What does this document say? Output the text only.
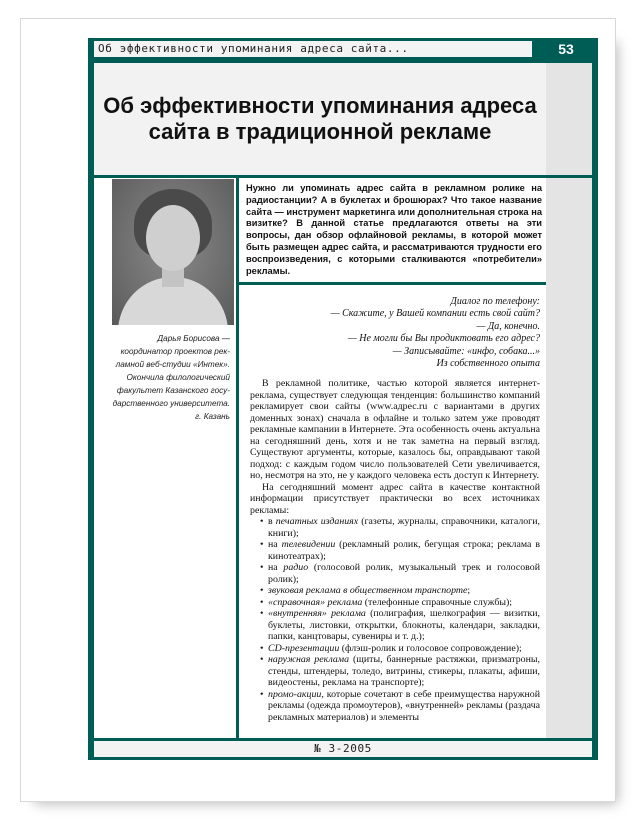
Об эффективности упоминания адреса сайта...	53
Об эффективности упоминания адреса сайта в традиционной рекламе
Дарья Борисова —
координатор проектов рек-
ламной веб-студии «Интек».
Окончила филологический
факультет Казанского госу-
дарственного университета.
г. Казань
Нужно ли упоминать адрес сайта в рекламном ролике на радиостанции? А в буклетах и брошюрах? Что такое название сайта — инструмент маркетинга или дополнительная строка на визитке? В данной статье предлагаются ответы на эти вопросы, дан обзор офлайновой рекламы, в которой может быть размещен адрес сайта, и рассматриваются трудности его воспроизведения, с которыми сталкиваются «потребители» рекламы.
Диалог по телефону:
— Скажите, у Вашей компании есть свой сайт?
— Да, конечно.
— Не могли бы Вы продиктовать его адрес?
— Записывайте: «инфо, собака...»
Из собственного опыта

В рекламной политике, частью которой является интернет-реклама, существует следующая тенденция: большинство компаний рекламирует свои сайты (www.адрес.ru с вариантами в других доменных зонах) сначала в офлайне и только затем уже проводят рекламные кампании в Интернете. Эта особенность очень актуальна на сегодняшний день, хотя и не так заметна на первый взгляд. Существуют аргументы, которые, казалось бы, оправдывают такой подход: с каждым годом число пользователей Сети увеличивается, но, несмотря на это, не у каждого человека есть доступ к Интернету.

На сегодняшний момент адрес сайта в качестве контактной информации присутствует практически во всех источниках рекламы:

• в печатных изданиях (газеты, журналы, справочники, каталоги, книги);
• на телевидении (рекламный ролик, бегущая строка; реклама в кинотеатрах);
• на радио (голосовой ролик, музыкальный трек и голосовой ролик);
• звуковая реклама в общественном транспорте;
• «справочная» реклама (телефонные справочные службы);
• «внутренняя» реклама (полиграфия, шелкография — визитки, буклеты, листовки, открытки, блокноты, календари, закладки, папки, канцтовары, сувениры и т. д.);
• CD-презентации (флэш-ролик и голосовое сопровождение);
• наружная реклама (щиты, баннерные растяжки, призматроны, стенды, штендеры, толедо, витрины, стикеры, плакаты, афиши, видеостены, реклама на транспорте);
• промо-акции, которые сочетают в себе преимущества наружной рекламы (одежда промоутеров), «внутренней» рекламы (раздача рекламных материалов) и элементы
№ 3-2005
